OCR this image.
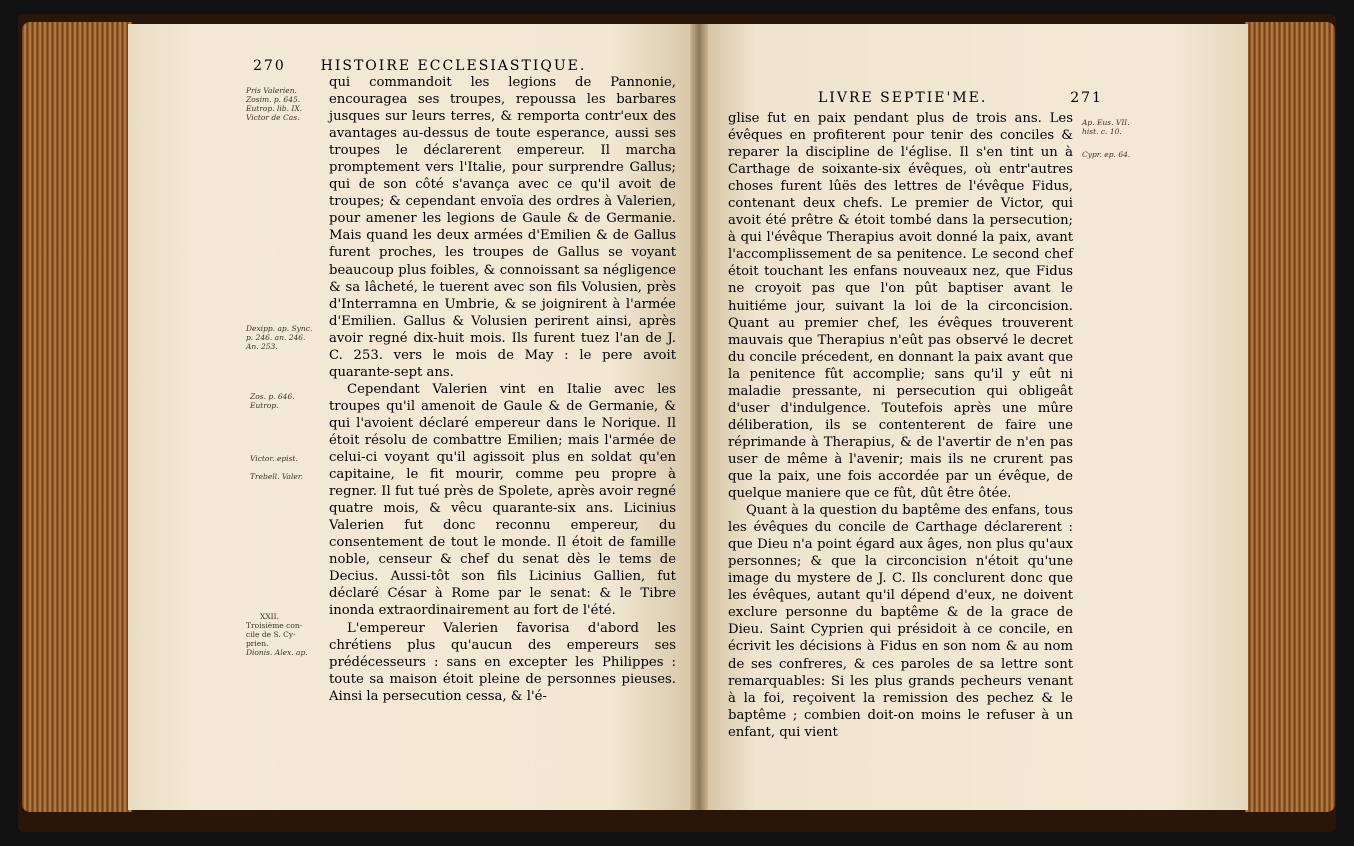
270 HISTOIRE ECCLESIASTIQUE.
Pris Valerien.
Zosim. p. 645.
Eutrop. lib. IX.
Victor de Cas.
Dexipp. ap. Sync.
p. 246. an. 246.
An. 253.
Zos. p. 646.
Eutrop.
Victor. epist.
Trebell. Valer.
XXII.
Troisième con-
cile de S. Cy-
prien.
Dionis. Alex. ap.

qui commandoit les legions de Pannonie, encouragea ses troupes, repoussa les barbares jusques sur leurs terres, & remporta contr'eux des avantages au-dessus de toute esperance, aussi ses troupes le déclarerent empereur. Il marcha promptement vers l'Italie, pour surprendre Gallus; qui de son côté s'avança avec ce qu'il avoit de troupes; & cependant envoïa des ordres à Valerien, pour amener les legions de Gaule & de Germanie. Mais quand les deux armées d'Emilien & de Gallus furent proches, les troupes de Gallus se voyant beaucoup plus foibles, & connoissant sa négligence & sa lâcheté, le tuerent avec son fils Volusien, près d'Interramna en Umbrie, & se joignirent à l'armée d'Emilien. Gallus & Volusien perirent ainsi, après avoir regné dix-huit mois. Ils furent tuez l'an de J. C. 253. vers le mois de May : le pere avoit quarante-sept ans.

Cependant Valerien vint en Italie avec les troupes qu'il amenoit de Gaule & de Germanie, & qui l'avoient déclaré empereur dans le Norique. Il étoit résolu de combattre Emilien; mais l'armée de celui-ci voyant qu'il agissoit plus en soldat qu'en capitaine, le fit mourir, comme peu propre à regner. Il fut tué près de Spolete, après avoir regné quatre mois, & vêcu quarante-six ans. Licinius Valerien fut donc reconnu empereur, du consentement de tout le monde. Il étoit de famille noble, censeur & chef du senat dès le tems de Decius. Aussi-tôt son fils Licinius Gallien, fut déclaré César à Rome par le senat: & le Tibre inonda extraordinairement au fort de l'été.

L'empereur Valerien favorisa d'abord les chrétiens plus qu'aucun des empereurs ses prédécesseurs : sans en excepter les Philippes : toute sa maison étoit pleine de personnes pieuses. Ainsi la persecution cessa, & l'é-

LIVRE SEPTIE'ME.	271
Ap. Eus. VII.
hist. c. 10.
Cypr. ep. 64.

glise fut en paix pendant plus de trois ans. Les évêques en profiterent pour tenir des conciles & reparer la discipline de l'église. Il s'en tint un à Carthage de soixante-six évêques, où entr'autres choses furent lûës des lettres de l'évêque Fidus, contenant deux chefs. Le premier de Victor, qui avoit été prêtre & étoit tombé dans la persecution; à qui l'évêque Therapius avoit donné la paix, avant l'accomplissement de sa penitence. Le second chef étoit touchant les enfans nouveaux nez, que Fidus ne croyoit pas que l'on pût baptiser avant le huitiéme jour, suivant la loi de la circoncision. Quant au premier chef, les évêques trouverent mauvais que Therapius n'eût pas observé le decret du concile précedent, en donnant la paix avant que la penitence fût accomplie; sans qu'il y eût ni maladie pressante, ni persecution qui obligeât d'user d'indulgence. Toutefois après une mûre déliberation, ils se contenterent de faire une réprimande à Therapius, & de l'avertir de n'en pas user de même à l'avenir; mais ils ne crurent pas que la paix, une fois accordée par un évêque, de quelque maniere que ce fût, dût être ôtée.

Quant à la question du baptême des enfans, tous les évêques du concile de Carthage déclarerent : que Dieu n'a point égard aux âges, non plus qu'aux personnes; & que la circoncision n'étoit qu'une image du mystere de J. C. Ils conclurent donc que les évêques, autant qu'il dépend d'eux, ne doivent exclure personne du baptême & de la grace de Dieu. Saint Cyprien qui présidoit à ce concile, en écrivit les décisions à Fidus en son nom & au nom de ses confreres, & ces paroles de sa lettre sont remarquables: Si les plus grands pecheurs venant à la foi, reçoivent la remission des pechez & le baptême ; combien doit-on moins le refuser à un enfant, qui vient
